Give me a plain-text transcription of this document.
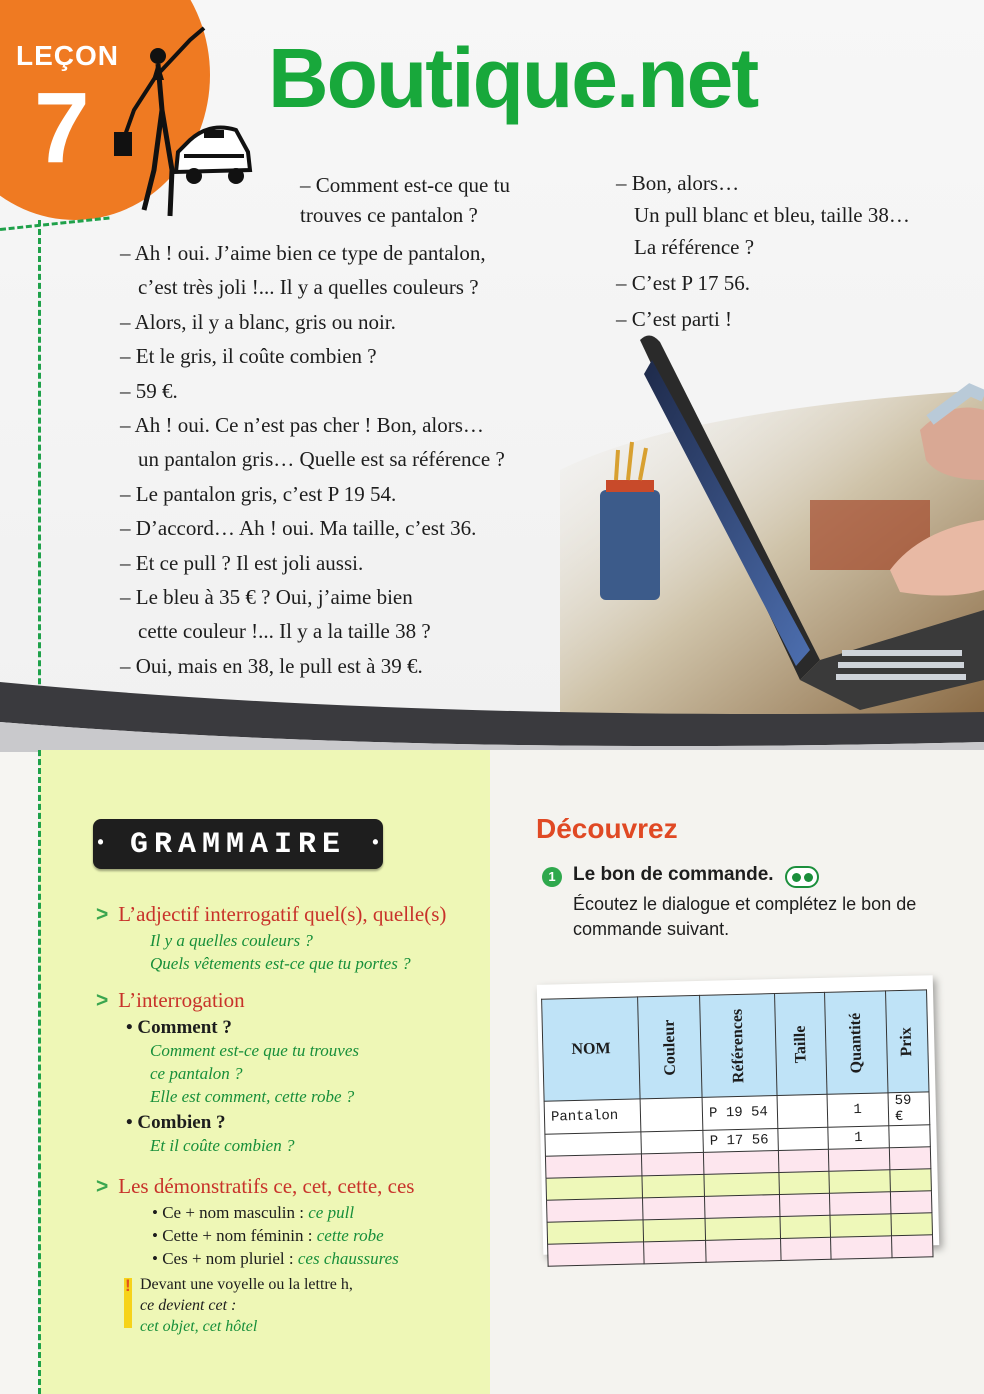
LEÇON
7 Boutique.net

– Comment est-ce que tu

trouves ce pantalon ?

– Ah ! oui. J’aime bien ce type de pantalon,

c’est très joli !... Il y a quelles couleurs ?

– Alors, il y a blanc, gris ou noir.

– Et le gris, il coûte combien ?

– 59 €.

– Ah ! oui. Ce n’est pas cher ! Bon, alors…

un pantalon gris… Quelle est sa référence ?

– Le pantalon gris, c’est P 19 54.

– D’accord… Ah ! oui. Ma taille, c’est 36.

– Et ce pull ? Il est joli aussi.

– Le bleu à 35 € ? Oui, j’aime bien

cette couleur !... Il y a la taille 38 ?

– Oui, mais en 38, le pull est à 39 €.

– Bon, alors…

Un pull blanc et bleu, taille 38…

La référence ?

– C’est P 17 56.

– C’est parti !

• GRAMMAIRE •
> L’adjectif interrogatif quel(s), quelle(s)
Il y a quelles couleurs ?
Quels vêtements est-ce que tu portes ?
> L’interrogation
• Comment ?
Comment est-ce que tu trouves
ce pantalon ?
Elle est comment, cette robe ?
• Combien ?
Et il coûte combien ?
> Les démonstratifs ce, cet, cette, ces
• Ce + nom masculin : ce pull
• Cette + nom féminin : cette robe
• Ces + nom pluriel : ces chaussures
! Devant une voyelle ou la lettre h,
ce devient cet :
cet objet, cet hôtel
Découvrez
1 Le bon de commande.
Écoutez le dialogue et complétez le bon de commande suivant.
NOM	Couleur	Références	Taille	Quantité	Prix
Pantalon		P 19 54		1	59 €
		P 17 56		1	
